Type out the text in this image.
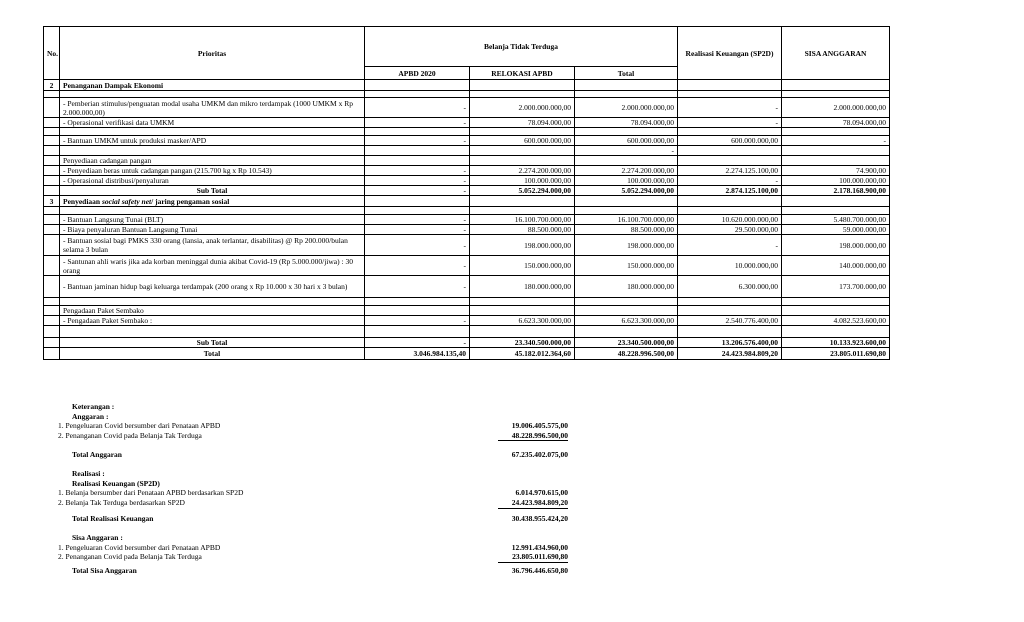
No.	Prioritas	Belanja Tidak Terduga			Realisasi Keuangan (SP2D)	SISA ANGGARAN
		APBD 2020	RELOKASI APBD	Total		
2	Penanganan Dampak Ekonomi					

	- Pemberian stimulus/penguatan modal usaha UMKM dan mikro terdampak (1000 UMKM x Rp 2.000.000,00)	-	2.000.000.000,00	2.000.000.000,00	-	2.000.000.000,00
	- Operasional verifikasi data UMKM	-	78.094.000,00	78.094.000,00	-	78.094.000,00

	- Bantuan UMKM untuk produksi masker/APD	-	600.000.000,00	600.000.000,00	600.000.000,00	-
				-		
	Penyediaan cadangan pangan					
	- Penyediaan beras untuk cadangan pangan (215.700 kg x Rp 10.543)	-	2.274.200.000,00	2.274.200.000,00	2.274.125.100,00	74.900,00
	- Operasional distribusi/penyaluran	-	100.000.000,00	100.000.000,00	-	100.000.000,00
	Sub Total	-	5.052.294.000,00	5.052.294.000,00	2.874.125.100,00	2.178.168.900,00
3	Penyediaan social safety net/ jaring pengaman sosial					

	- Bantuan Langsung Tunai (BLT)	-	16.100.700.000,00	16.100.700.000,00	10.620.000.000,00	5.480.700.000,00
	- Biaya penyaluran Bantuan Langsung Tunai	-	88.500.000,00	88.500.000,00	29.500.000,00	59.000.000,00
	- Bantuan sosial bagi PMKS 330 orang (lansia, anak terlantar, disabilitas) @ Rp 200.000/bulan selama 3 bulan	-	198.000.000,00	198.000.000,00	-	198.000.000,00
	- Santunan ahli waris jika ada korban meninggal dunia akibat Covid-19 (Rp 5.000.000/jiwa) : 30 orang	-	150.000.000,00	150.000.000,00	10.000.000,00	140.000.000,00
	- Bantuan jaminan hidup bagi keluarga terdampak (200 orang x Rp 10.000 x 30 hari x 3 bulan)	-	180.000.000,00	180.000.000,00	6.300.000,00	173.700.000,00

	Pengadaan Paket Sembako					
	- Pengadaan Paket Sembako :	-	6.623.300.000,00	6.623.300.000,00	2.540.776.400,00	4.082.523.600,00

	Sub Total	-	23.340.500.000,00	23.340.500.000,00	13.206.576.400,00	10.133.923.600,00
	Total	3.046.984.135,40	45.182.012.364,60	48.228.996.500,00	24.423.984.809,20	23.805.011.690,80
Keterangan :
Anggaran :
1. Pengeluaran Covid bersumber dari Penataan APBD	19.006.405.575,00
2. Penanganan Covid pada Belanja Tak Terduga	48.228.996.500,00
Total Anggaran	67.235.402.075,00
Realisasi :
Realisasi Keuangan (SP2D)
1. Belanja bersumber dari Penataan APBD berdasarkan SP2D	6.014.970.615,00
2. Belanja Tak Terduga berdasarkan SP2D	24.423.984.809,20
Total Realisasi Keuangan	30.438.955.424,20
Sisa Anggaran :
1. Pengeluaran Covid bersumber dari Penataan APBD	12.991.434.960,00
2. Penanganan Covid pada Belanja Tak Terduga	23.805.011.690,80
Total Sisa Anggaran	36.796.446.650,80
